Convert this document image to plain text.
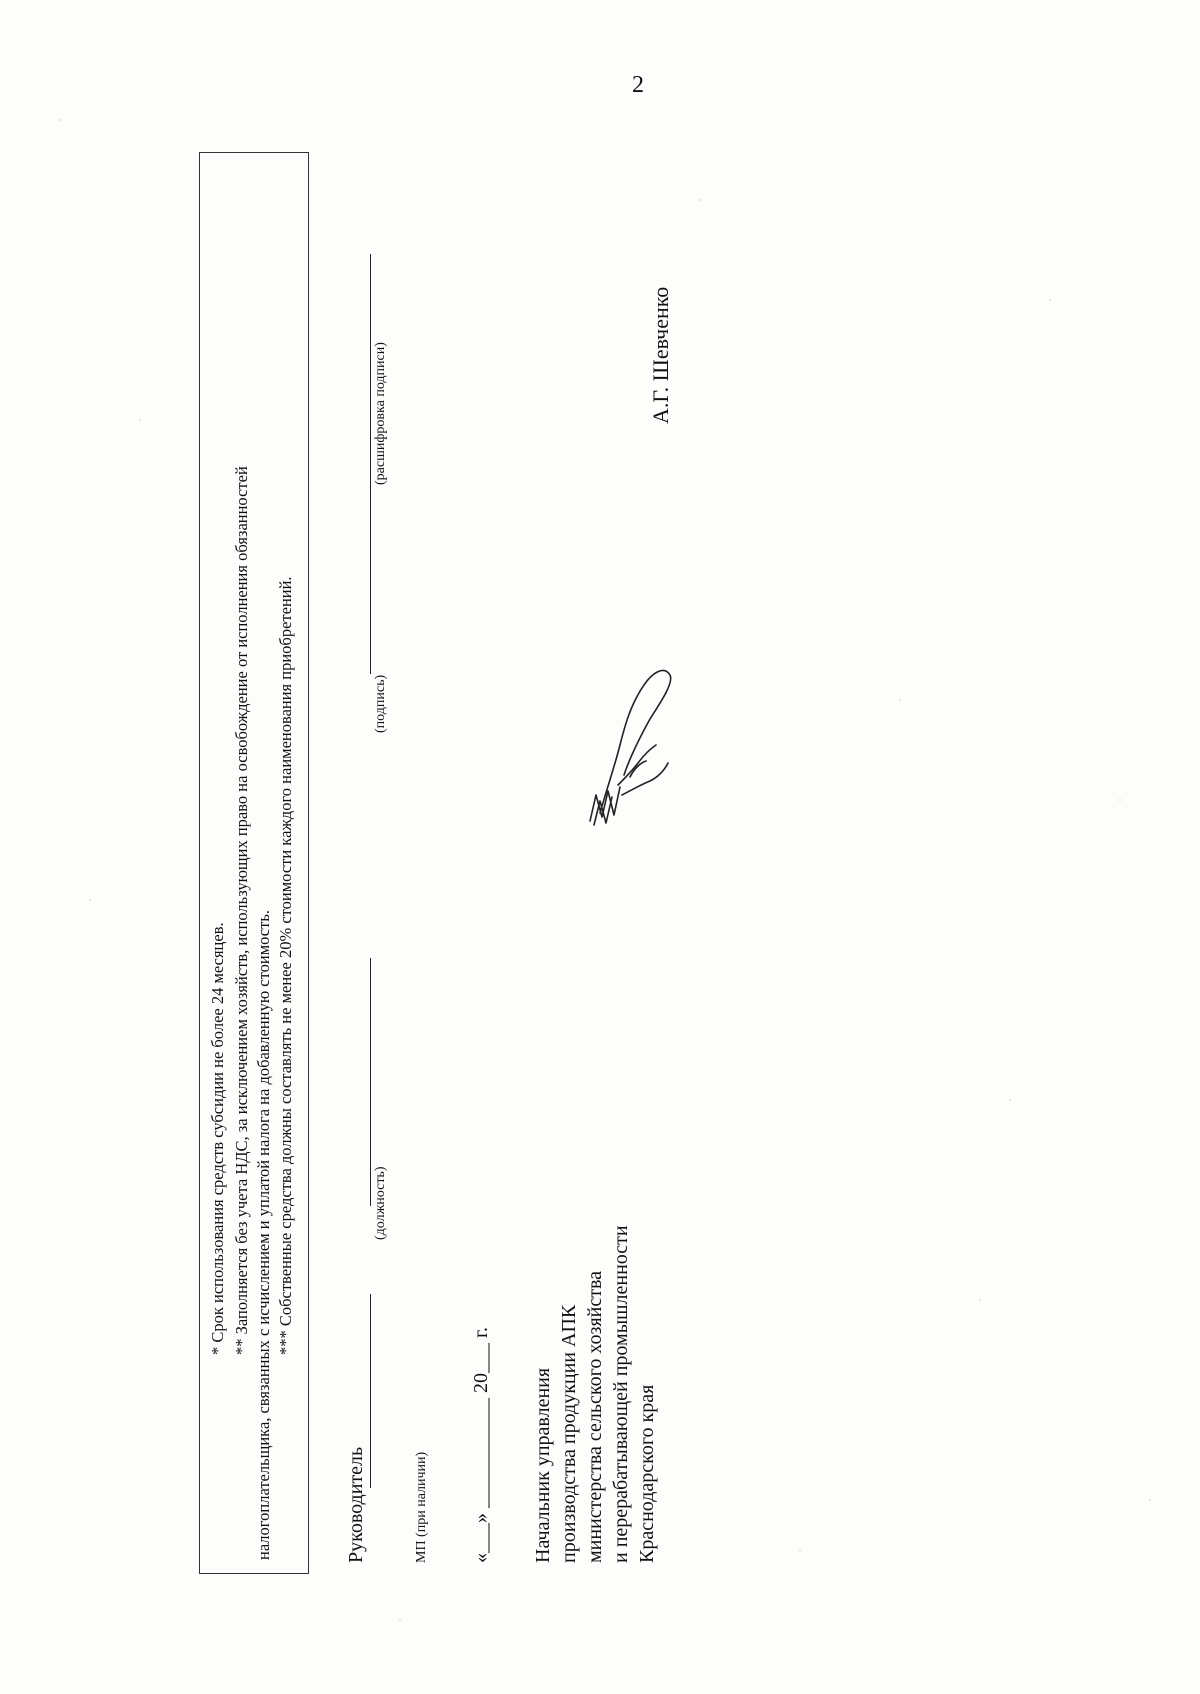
2
* Срок использования средств субсидии не более 24 месяцев. ** Заполняется без учета НДС, за исключением хозяйств, использующих право на освобождение от исполнения обязанностей налогоплательщика, связанных с исчислением и уплатой налога на добавленную стоимость. *** Собственные средства должны составлять не менее 20% стоимости каждого наименования приобретений.
Руководитель
(должность)
(подпись)
(расшифровка подписи)
МП (при наличии) «___» ___________ 20___ г. Начальник управления производства продукции АПК министерства сельского хозяйства и перерабатывающей промышленности Краснодарского края
А.Г. Шевченко
